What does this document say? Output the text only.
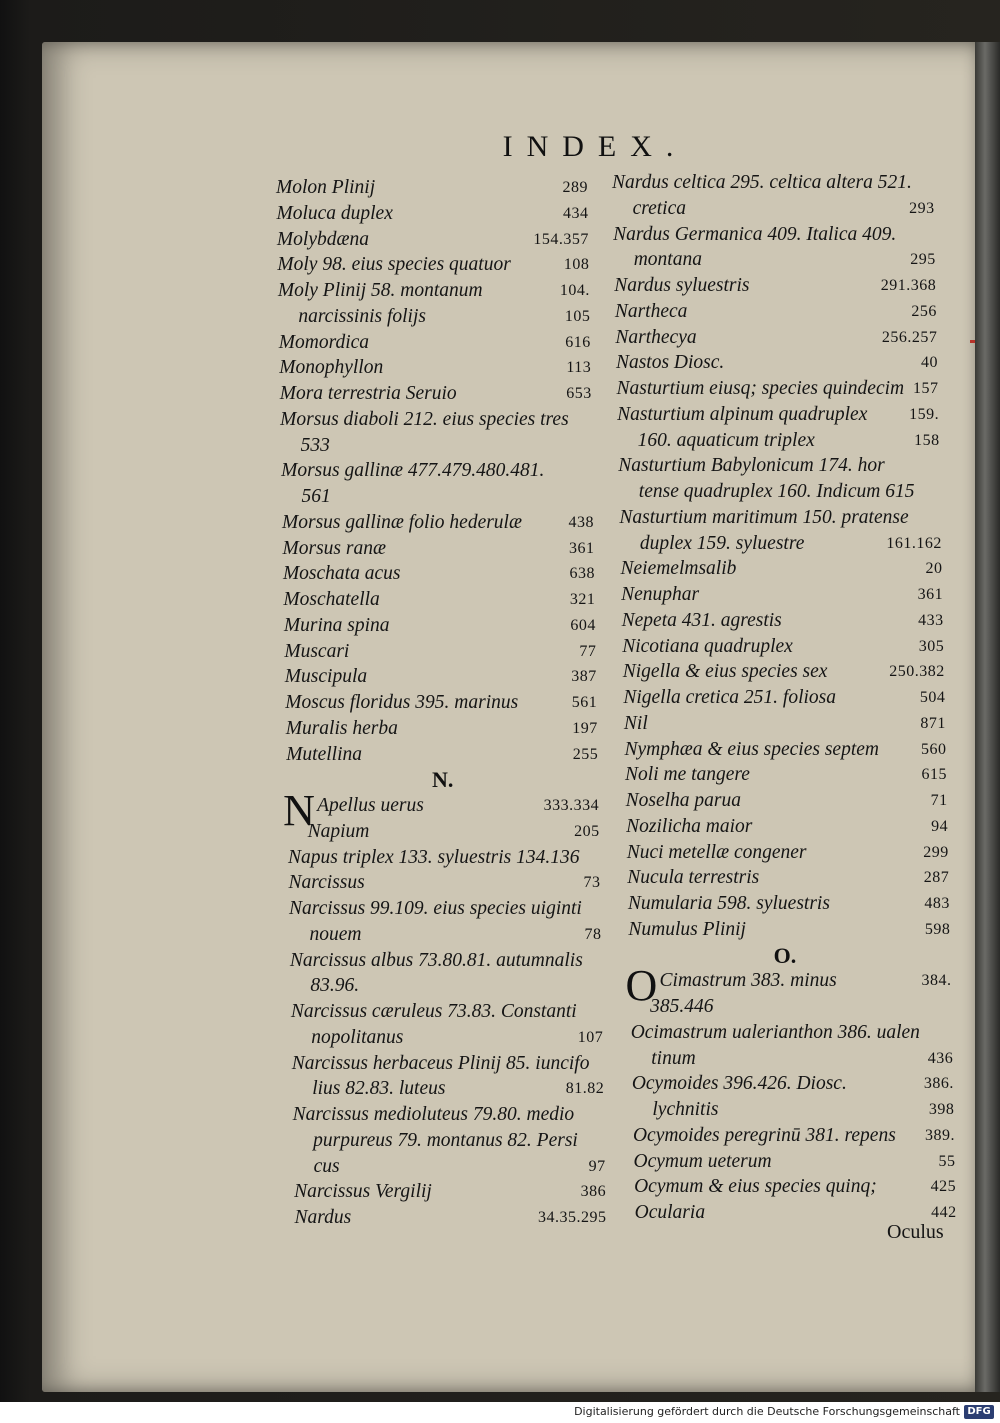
INDEX.
Oculus
Digitalisierung gefördert durch die Deutsche Forschungsgemeinschaft DFG
Molon Plinij	289
Moluca duplex	434
Molybdæna	154.357
Moly 98. eius species quatuor	108
Moly Plinij 58. montanum	104.
narcissinis folijs	105
Momordica	616
Monophyllon	113
Mora terrestria Seruio	653
Morsus diaboli 212. eius species tres
533
Morsus gallinæ 477.479.480.481.
561
Morsus gallinæ folio hederulæ	438
Morsus ranæ	361
Moschata acus	638
Moschatella	321
Murina spina	604
Muscari	77
Muscipula	387
Moscus floridus 395. marinus	561
Muralis herba	197
Mutellina	255
N.
N Apellus uerus	333.334
Napium	205
Napus triplex 133. syluestris 134.136
Narcissus	73
Narcissus 99.109. eius species uiginti
nouem	78
Narcissus albus 73.80.81. autumnalis
83.96.
Narcissus cæruleus 73.83. Constanti
nopolitanus	107
Narcissus herbaceus Plinij 85. iuncifo
lius 82.83. luteus	81.82
Narcissus medioluteus 79.80. medio
purpureus 79. montanus 82. Persi
cus	97
Narcissus Vergilij	386
Nardus	34.35.295
Nardus celtica 295. celtica altera 521.
cretica	293
Nardus Germanica 409. Italica 409.
montana	295
Nardus syluestris	291.368
Nartheca	256
Narthecya	256.257
Nastos Diosc.	40
Nasturtium eiusq; species quindecim 157
Nasturtium alpinum quadruplex	159.
160. aquaticum triplex	158
Nasturtium Babylonicum 174. hor
tense quadruplex 160. Indicum 615
Nasturtium maritimum 150. pratense
duplex 159. syluestre	161.162
Neiemelmsalib	20
Nenuphar	361
Nepeta 431. agrestis	433
Nicotiana quadruplex	305
Nigella & eius species sex	250.382
Nigella cretica 251. foliosa	504
Nil	871
Nymphæa & eius species septem	560
Noli me tangere	615
Noselha parua	71
Nozilicha maior	94
Nuci metellæ congener	299
Nucula terrestris	287
Numularia 598. syluestris	483
Numulus Plinij	598
O.
O Cimastrum 383. minus	384.
385.446
Ocimastrum ualerianthon 386. ualen
tinum	436
Ocymoides 396.426. Diosc.	386.
lychnitis	398
Ocymoides peregrinū 381. repens 389.
Ocymum ueterum	55
Ocymum & eius species quinq;	425
Ocularia	442
